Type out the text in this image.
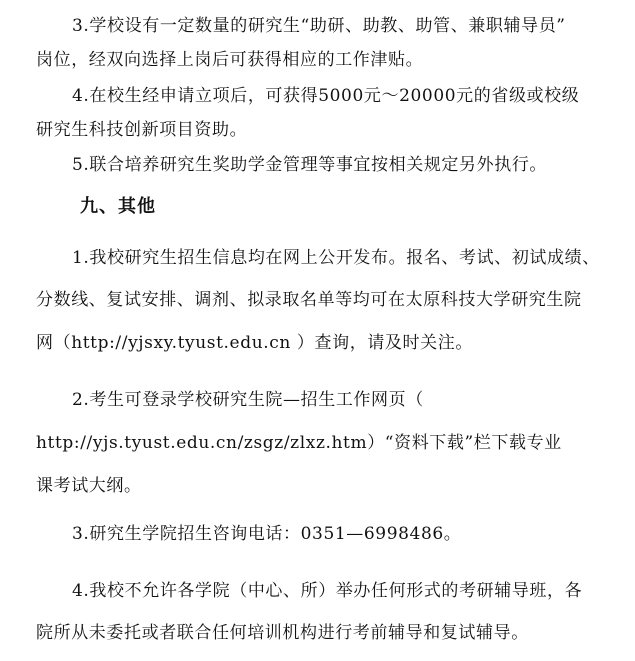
3.学校设有一定数量的研究生“助研、助教、助管、兼职辅导员”
岗位，经双向选择上岗后可获得相应的工作津贴。
4.在校生经申请立项后，可获得5000元～20000元的省级或校级
研究生科技创新项目资助。
5.联合培养研究生奖助学金管理等事宜按相关规定另外执行。
九、其他
1.我校研究生招生信息均在网上公开发布。报名、考试、初试成绩、
分数线、复试安排、调剂、拟录取名单等均可在太原科技大学研究生院
网（http://yjsxy.tyust.edu.cn ）查询，请及时关注。
2.考生可登录学校研究生院—招生工作网页（
http://yjs.tyust.edu.cn/zsgz/zlxz.htm）“资料下载”栏下载专业
课考试大纲。
3.研究生学院招生咨询电话：0351—6998486。
4.我校不允许各学院（中心、所）举办任何形式的考研辅导班，各
院所从未委托或者联合任何培训机构进行考前辅导和复试辅导。
